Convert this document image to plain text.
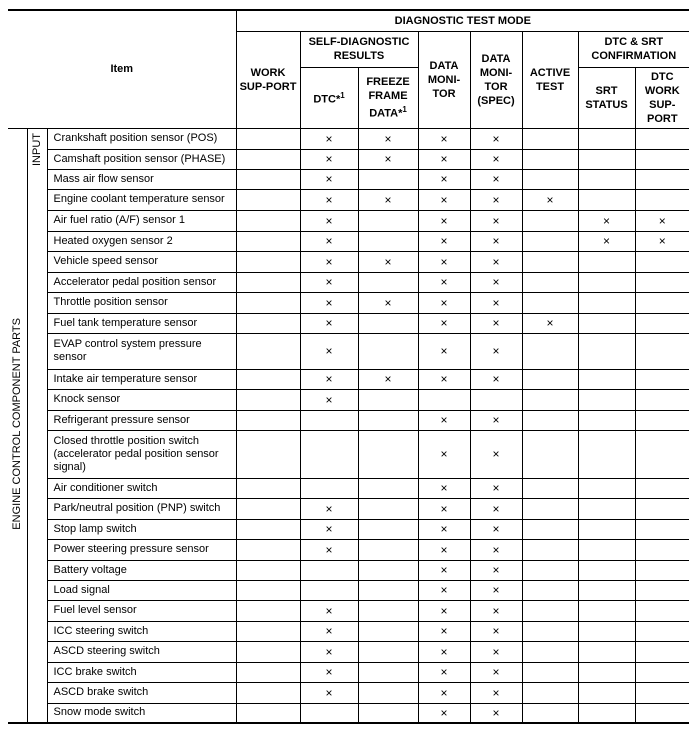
Item			DIAGNOSTIC TEST MODE							
			WORK SUP-PORT	SELF-DIAGNOSTIC RESULTS		DATA MONI-TOR	DATA MONI-TOR (SPEC)	ACTIVE TEST	DTC & SRT CONFIRMATION	
				DTC*$^1$	FREEZE FRAME DATA*$^1$				SRT STATUS	DTC WORK SUP-PORT
ENGINE CONTROL COMPONENT PARTS	INPUT	Crankshaft position sensor (POS)		×	×	×	×			
		Camshaft position sensor (PHASE)		×	×	×	×			
		Mass air flow sensor		×		×	×			
		Engine coolant temperature sensor		×	×	×	×	×		
		Air fuel ratio (A/F) sensor 1		×		×	×		×	×
		Heated oxygen sensor 2		×		×	×		×	×
		Vehicle speed sensor		×	×	×	×			
		Accelerator pedal position sensor		×		×	×			
		Throttle position sensor		×	×	×	×			
		Fuel tank temperature sensor		×		×	×	×		
		EVAP control system pressure sensor		×		×	×			
		Intake air temperature sensor		×	×	×	×			
		Knock sensor		×						
		Refrigerant pressure sensor				×	×			
		Closed throttle position switch (accelerator pedal position sensor signal)				×	×			
		Air conditioner switch				×	×			
		Park/neutral position (PNP) switch		×		×	×			
		Stop lamp switch		×		×	×			
		Power steering pressure sensor		×		×	×			
		Battery voltage				×	×			
		Load signal				×	×			
		Fuel level sensor		×		×	×			
		ICC steering switch		×		×	×			
		ASCD steering switch		×		×	×			
		ICC brake switch		×		×	×			
		ASCD brake switch		×		×	×			
		Snow mode switch				×	×			
